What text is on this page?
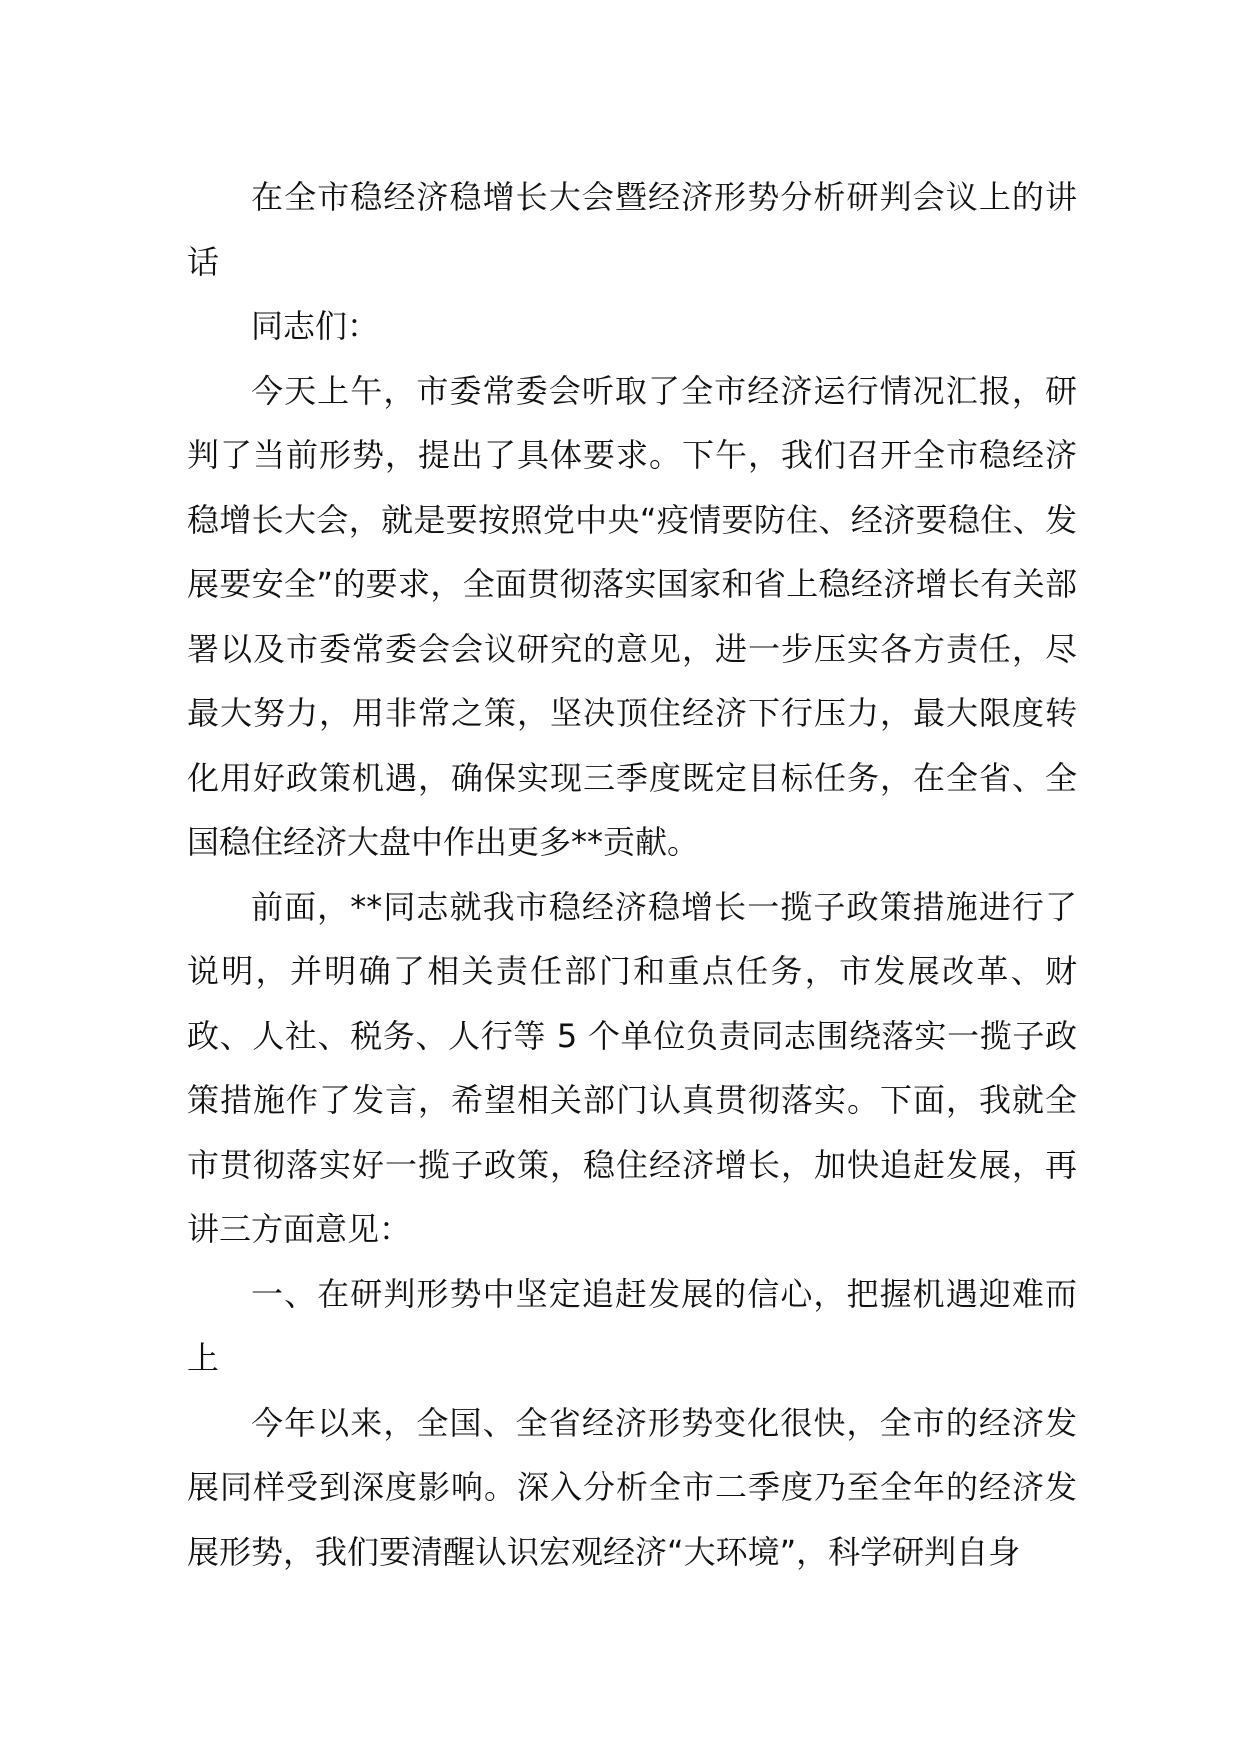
在全市稳经济稳增长大会暨经济形势分析研判会议上的讲话

同志们：

今天上午，市委常委会听取了全市经济运行情况汇报，研判了当前形势，提出了具体要求。下午，我们召开全市稳经济稳增长大会，就是要按照党中央“疫情要防住、经济要稳住、发展要安全”的要求，全面贯彻落实国家和省上稳经济增长有关部署以及市委常委会会议研究的意见，进一步压实各方责任，尽最大努力，用非常之策，坚决顶住经济下行压力，最大限度转化用好政策机遇，确保实现三季度既定目标任务，在全省、全国稳住经济大盘中作出更多**贡献。

前面，**同志就我市稳经济稳增长一揽子政策措施进行了说明，并明确了相关责任部门和重点任务，市发展改革、财政、人社、税务、人行等 5 个单位负责同志围绕落实一揽子政策措施作了发言，希望相关部门认真贯彻落实。下面，我就全市贯彻落实好一揽子政策，稳住经济增长，加快追赶发展，再讲三方面意见：

一、在研判形势中坚定追赶发展的信心，把握机遇迎难而上

今年以来，全国、全省经济形势变化很快，全市的经济发展同样受到深度影响。深入分析全市二季度乃至全年的经济发展形势，我们要清醒认识宏观经济“大环境”，科学研判自身
